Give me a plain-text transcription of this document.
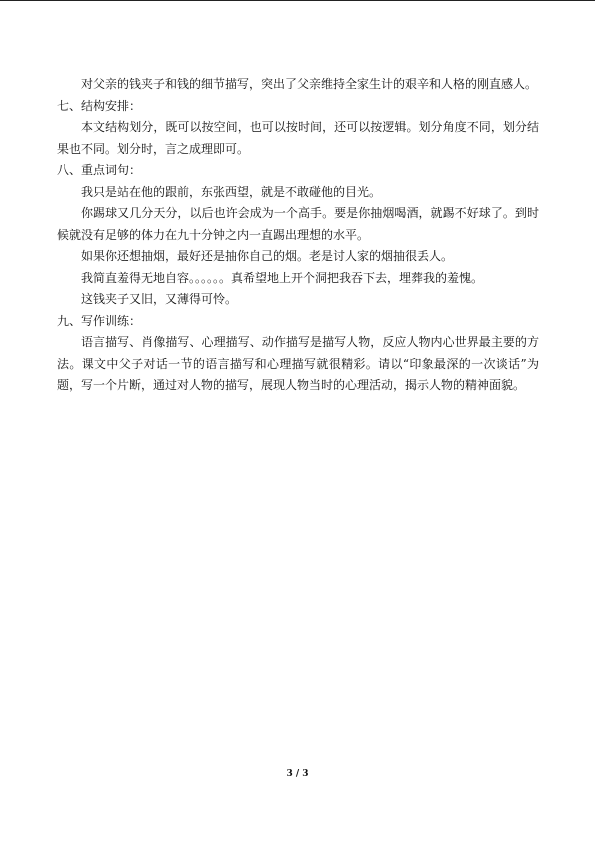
对父亲的钱夹子和钱的细节描写，突出了父亲维持全家生计的艰辛和人格的刚直感人。

七、结构安排：

本文结构划分，既可以按空间，也可以按时间，还可以按逻辑。划分角度不同，划分结果也不同。划分时，言之成理即可。

八、重点词句：

我只是站在他的跟前，东张西望，就是不敢碰他的目光。

你踢球又几分天分，以后也许会成为一个高手。要是你抽烟喝酒，就踢不好球了。到时候就没有足够的体力在九十分钟之内一直踢出理想的水平。

如果你还想抽烟，最好还是抽你自己的烟。老是讨人家的烟抽很丢人。

我简直羞得无地自容。。。。。。真希望地上开个洞把我吞下去，埋葬我的羞愧。

这钱夹子又旧，又薄得可怜。

九、写作训练：

语言描写、肖像描写、心理描写、动作描写是描写人物，反应人物内心世界最主要的方法。课文中父子对话一节的语言描写和心理描写就很精彩。请以“印象最深的一次谈话”为题，写一个片断，通过对人物的描写，展现人物当时的心理活动，揭示人物的精神面貌。

3 / 3
